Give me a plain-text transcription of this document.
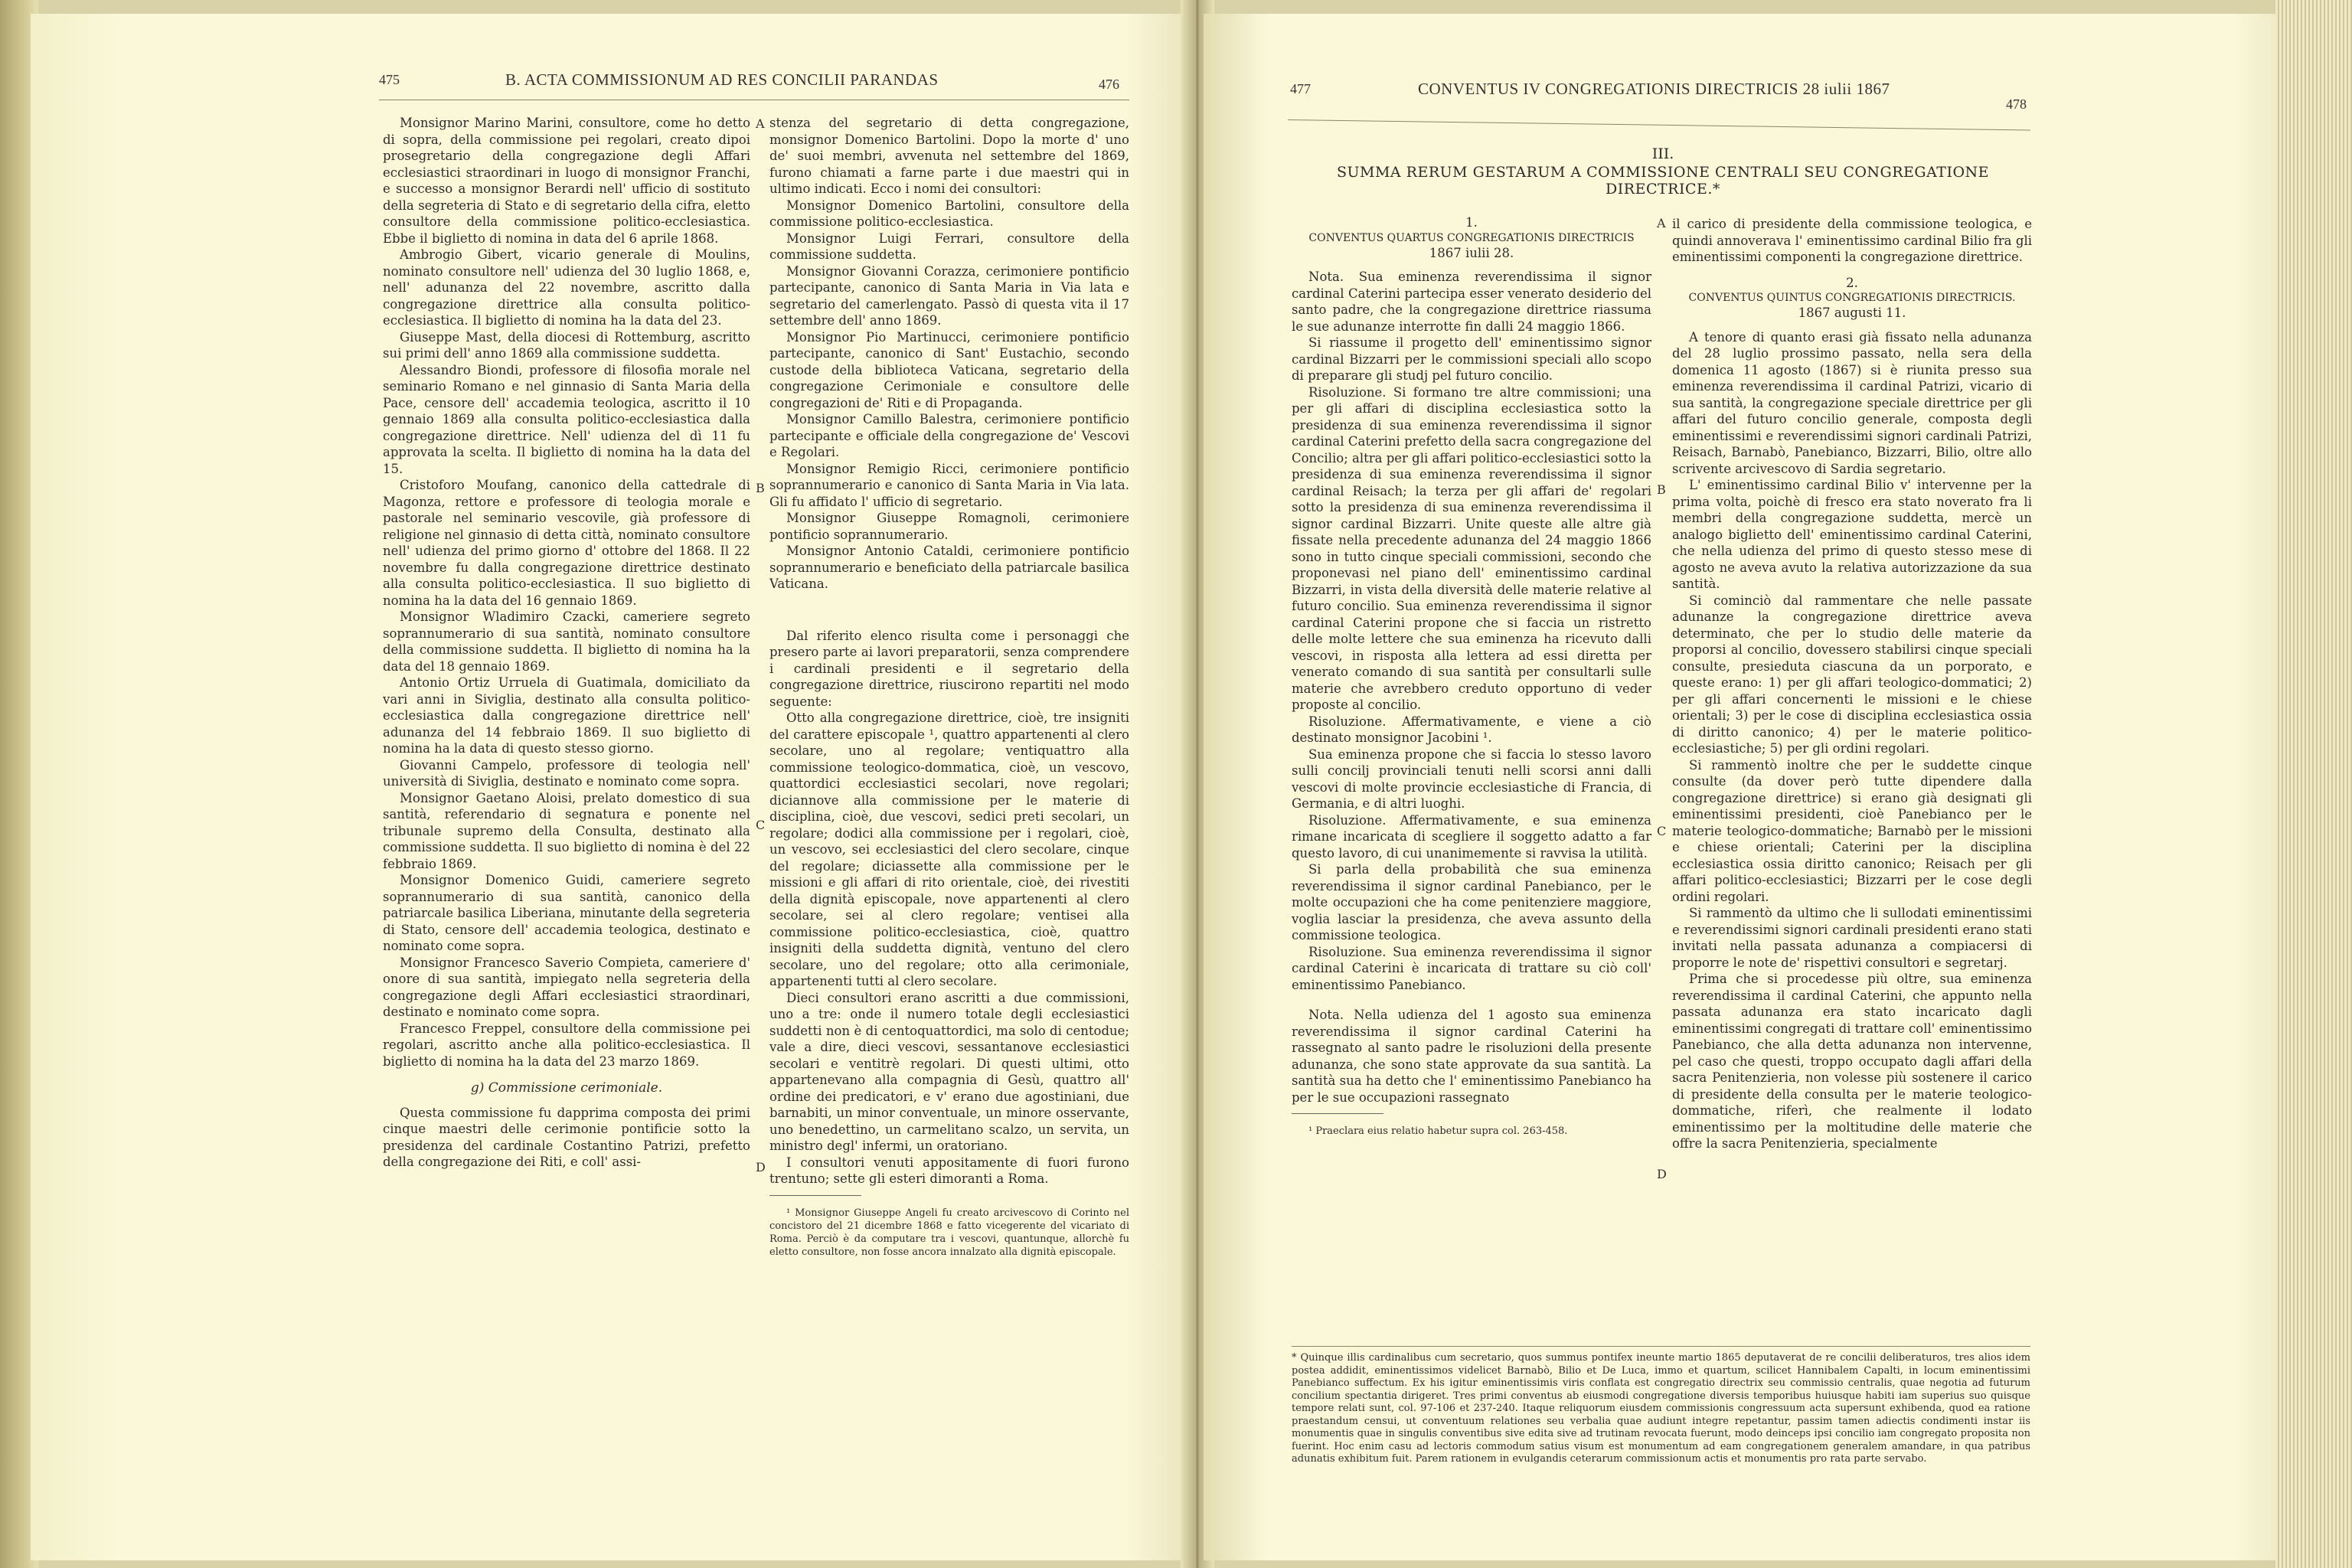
475	B. ACTA COMMISSIONUM AD RES CONCILII PARANDAS	476

Monsignor Marino Marini, consultore, come ho detto di sopra, della commissione pei regolari, creato dipoi prosegretario della congregazione degli Affari ecclesiastici straordinari in luogo di monsignor Franchi, e successo a monsignor Berardi nell' ufficio di sostituto della segreteria di Stato e di segretario della cifra, eletto consultore della commissione politico-ecclesiastica. Ebbe il biglietto di nomina in data del 6 aprile 1868.

Ambrogio Gibert, vicario generale di Moulins, nominato consultore nell' udienza del 30 luglio 1868, e, nell' adunanza del 22 novembre, ascritto dalla congregazione direttrice alla consulta politico-ecclesiastica. Il biglietto di nomina ha la data del 23.

Giuseppe Mast, della diocesi di Rottemburg, ascritto sui primi dell' anno 1869 alla commissione suddetta.

Alessandro Biondi, professore di filosofia morale nel seminario Romano e nel ginnasio di Santa Maria della Pace, censore dell' accademia teologica, ascritto il 10 gennaio 1869 alla consulta politico-ecclesiastica dalla congregazione direttrice. Nell' udienza del dì 11 fu approvata la scelta. Il biglietto di nomina ha la data del 15.

Cristoforo Moufang, canonico della cattedrale di Magonza, rettore e professore di teologia morale e pastorale nel seminario vescovile, già professore di religione nel ginnasio di detta città, nominato consultore nell' udienza del primo giorno d' ottobre del 1868. Il 22 novembre fu dalla congregazione direttrice destinato alla consulta politico-ecclesiastica. Il suo biglietto di nomina ha la data del 16 gennaio 1869.

Monsignor Wladimiro Czacki, cameriere segreto soprannumerario di sua santità, nominato consultore della commissione suddetta. Il biglietto di nomina ha la data del 18 gennaio 1869.

Antonio Ortiz Urruela di Guatimala, domiciliato da vari anni in Siviglia, destinato alla consulta politico-ecclesiastica dalla congregazione direttrice nell' adunanza del 14 febbraio 1869. Il suo biglietto di nomina ha la data di questo stesso giorno.

Giovanni Campelo, professore di teologia nell' università di Siviglia, destinato e nominato come sopra.

Monsignor Gaetano Aloisi, prelato domestico di sua santità, referendario di segnatura e ponente nel tribunale supremo della Consulta, destinato alla commissione suddetta. Il suo biglietto di nomina è del 22 febbraio 1869.

Monsignor Domenico Guidi, cameriere segreto soprannumerario di sua santità, canonico della patriarcale basilica Liberiana, minutante della segreteria di Stato, censore dell' accademia teologica, destinato e nominato come sopra.

Monsignor Francesco Saverio Compieta, cameriere d' onore di sua santità, impiegato nella segreteria della congregazione degli Affari ecclesiastici straordinari, destinato e nominato come sopra.

Francesco Freppel, consultore della commissione pei regolari, ascritto anche alla politico-ecclesiastica. Il biglietto di nomina ha la data del 23 marzo 1869.

g) Commissione cerimoniale.

Questa commissione fu dapprima composta dei primi cinque maestri delle cerimonie pontificie sotto la presidenza del cardinale Costantino Patrizi, prefetto della congregazione dei Riti, e coll' assi-

A
B
C
D

stenza del segretario di detta congregazione, monsignor Domenico Bartolini. Dopo la morte d' uno de' suoi membri, avvenuta nel settembre del 1869, furono chiamati a farne parte i due maestri qui in ultimo indicati. Ecco i nomi dei consultori:

Monsignor Domenico Bartolini, consultore della commissione politico-ecclesiastica.

Monsignor Luigi Ferrari, consultore della commissione suddetta.

Monsignor Giovanni Corazza, cerimoniere pontificio partecipante, canonico di Santa Maria in Via lata e segretario del camerlengato. Passò di questa vita il 17 settembre dell' anno 1869.

Monsignor Pio Martinucci, cerimoniere pontificio partecipante, canonico di Sant' Eustachio, secondo custode della biblioteca Vaticana, segretario della congregazione Cerimoniale e consultore delle congregazioni de' Riti e di Propaganda.

Monsignor Camillo Balestra, cerimoniere pontificio partecipante e officiale della congregazione de' Vescovi e Regolari.

Monsignor Remigio Ricci, cerimoniere pontificio soprannumerario e canonico di Santa Maria in Via lata. Gli fu affidato l' ufficio di segretario.

Monsignor Giuseppe Romagnoli, cerimoniere pontificio soprannumerario.

Monsignor Antonio Cataldi, cerimoniere pontificio soprannumerario e beneficiato della patriarcale basilica Vaticana.

Dal riferito elenco risulta come i personaggi che presero parte ai lavori preparatorii, senza comprendere i cardinali presidenti e il segretario della congregazione direttrice, riuscirono repartiti nel modo seguente:

Otto alla congregazione direttrice, cioè, tre insigniti del carattere episcopale ¹, quattro appartenenti al clero secolare, uno al regolare; ventiquattro alla commissione teologico-dommatica, cioè, un vescovo, quattordici ecclesiastici secolari, nove regolari; diciannove alla commissione per le materie di disciplina, cioè, due vescovi, sedici preti secolari, un regolare; dodici alla commissione per i regolari, cioè, un vescovo, sei ecclesiastici del clero secolare, cinque del regolare; diciassette alla commissione per le missioni e gli affari di rito orientale, cioè, dei rivestiti della dignità episcopale, nove appartenenti al clero secolare, sei al clero regolare; ventisei alla commissione politico-ecclesiastica, cioè, quattro insigniti della suddetta dignità, ventuno del clero secolare, uno del regolare; otto alla cerimoniale, appartenenti tutti al clero secolare.

Dieci consultori erano ascritti a due commissioni, uno a tre: onde il numero totale degli ecclesiastici suddetti non è di centoquattordici, ma solo di centodue; vale a dire, dieci vescovi, sessantanove ecclesiastici secolari e ventitrè regolari. Di questi ultimi, otto appartenevano alla compagnia di Gesù, quattro all' ordine dei predicatori, e v' erano due agostiniani, due barnabiti, un minor conventuale, un minore osservante, uno benedettino, un carmelitano scalzo, un servita, un ministro degl' infermi, un oratoriano.

I consultori venuti appositamente di fuori furono trentuno; sette gli esteri dimoranti a Roma.

¹ Monsignor Giuseppe Angeli fu creato arcivescovo di Corinto nel concistoro del 21 dicembre 1868 e fatto vicegerente del vicariato di Roma. Perciò è da computare tra i vescovi, quantunque, allorchè fu eletto consultore, non fosse ancora innalzato alla dignità episcopale.

477	CONVENTUS IV CONGREGATIONIS DIRECTRICIS 28 iulii 1867
478
III.
SUMMA RERUM GESTARUM A COMMISSIONE CENTRALI SEU CONGREGATIONE DIRECTRICE.*

1.

CONVENTUS QUARTUS CONGREGATIONIS DIRECTRICIS

1867 iulii 28.

Nota. Sua eminenza reverendissima il signor cardinal Caterini partecipa esser venerato desiderio del santo padre, che la congregazione direttrice riassuma le sue adunanze interrotte fin dalli 24 maggio 1866.

Si riassume il progetto dell' eminentissimo signor cardinal Bizzarri per le commissioni speciali allo scopo di preparare gli studj pel futuro concilio.

Risoluzione. Si formano tre altre commissioni; una per gli affari di disciplina ecclesiastica sotto la presidenza di sua eminenza reverendissima il signor cardinal Caterini prefetto della sacra congregazione del Concilio; altra per gli affari politico-ecclesiastici sotto la presidenza di sua eminenza reverendissima il signor cardinal Reisach; la terza per gli affari de' regolari sotto la presidenza di sua eminenza reverendissima il signor cardinal Bizzarri. Unite queste alle altre già fissate nella precedente adunanza del 24 maggio 1866 sono in tutto cinque speciali commissioni, secondo che proponevasi nel piano dell' eminentissimo cardinal Bizzarri, in vista della diversità delle materie relative al futuro concilio. Sua eminenza reverendissima il signor cardinal Caterini propone che si faccia un ristretto delle molte lettere che sua eminenza ha ricevuto dalli vescovi, in risposta alla lettera ad essi diretta per venerato comando di sua santità per consultarli sulle materie che avrebbero creduto opportuno di veder proposte al concilio.

Risoluzione. Affermativamente, e viene a ciò destinato monsignor Jacobini ¹.

Sua eminenza propone che si faccia lo stesso lavoro sulli concilj provinciali tenuti nelli scorsi anni dalli vescovi di molte provincie ecclesiastiche di Francia, di Germania, e di altri luoghi.

Risoluzione. Affermativamente, e sua eminenza rimane incaricata di scegliere il soggetto adatto a far questo lavoro, di cui unanimemente si ravvisa la utilità.

Si parla della probabilità che sua eminenza reverendissima il signor cardinal Panebianco, per le molte occupazioni che ha come penitenziere maggiore, voglia lasciar la presidenza, che aveva assunto della commissione teologica.

Risoluzione. Sua eminenza reverendissima il signor cardinal Caterini è incaricata di trattare su ciò coll' eminentissimo Panebianco.

Nota. Nella udienza del 1 agosto sua eminenza reverendissima il signor cardinal Caterini ha rassegnato al santo padre le risoluzioni della presente adunanza, che sono state approvate da sua santità. La santità sua ha detto che l' eminentissimo Panebianco ha per le sue occupazioni rassegnato

¹ Praeclara eius relatio habetur supra col. 263-458.

A
B
C
D

il carico di presidente della commissione teologica, e quindi annoverava l' eminentissimo cardinal Bilio fra gli eminentissimi componenti la congregazione direttrice.

2.

CONVENTUS QUINTUS CONGREGATIONIS DIRECTRICIS.

1867 augusti 11.

A tenore di quanto erasi già fissato nella adunanza del 28 luglio prossimo passato, nella sera della domenica 11 agosto (1867) si è riunita presso sua eminenza reverendissima il cardinal Patrizi, vicario di sua santità, la congregazione speciale direttrice per gli affari del futuro concilio generale, composta degli eminentissimi e reverendissimi signori cardinali Patrizi, Reisach, Barnabò, Panebianco, Bizzarri, Bilio, oltre allo scrivente arcivescovo di Sardia segretario.

L' eminentissimo cardinal Bilio v' intervenne per la prima volta, poichè di fresco era stato noverato fra li membri della congregazione suddetta, mercè un analogo biglietto dell' eminentissimo cardinal Caterini, che nella udienza del primo di questo stesso mese di agosto ne aveva avuto la relativa autorizzazione da sua santità.

Si cominciò dal rammentare che nelle passate adunanze la congregazione direttrice aveva determinato, che per lo studio delle materie da proporsi al concilio, dovessero stabilirsi cinque speciali consulte, presieduta ciascuna da un porporato, e queste erano: 1) per gli affari teologico-dommatici; 2) per gli affari concernenti le missioni e le chiese orientali; 3) per le cose di disciplina ecclesiastica ossia di diritto canonico; 4) per le materie politico-ecclesiastiche; 5) per gli ordini regolari.

Si rammentò inoltre che per le suddette cinque consulte (da dover però tutte dipendere dalla congregazione direttrice) si erano già designati gli eminentissimi presidenti, cioè Panebianco per le materie teologico-dommatiche; Barnabò per le missioni e chiese orientali; Caterini per la disciplina ecclesiastica ossia diritto canonico; Reisach per gli affari politico-ecclesiastici; Bizzarri per le cose degli ordini regolari.

Si rammentò da ultimo che li sullodati eminentissimi e reverendissimi signori cardinali presidenti erano stati invitati nella passata adunanza a compiacersi di proporre le note de' rispettivi consultori e segretarj.

Prima che si procedesse più oltre, sua eminenza reverendissima il cardinal Caterini, che appunto nella passata adunanza era stato incaricato dagli eminentissimi congregati di trattare coll' eminentissimo Panebianco, che alla detta adunanza non intervenne, pel caso che questi, troppo occupato dagli affari della sacra Penitenzieria, non volesse più sostenere il carico di presidente della consulta per le materie teologico-dommatiche, riferì, che realmente il lodato eminentissimo per la moltitudine delle materie che offre la sacra Penitenzieria, specialmente

* Quinque illis cardinalibus cum secretario, quos summus pontifex ineunte martio 1865 deputaverat de re concilii deliberaturos, tres alios idem postea addidit, eminentissimos videlicet Barnabò, Bilio et De Luca, immo et quartum, scilicet Hannibalem Capalti, in locum eminentissimi Panebianco suffectum. Ex his igitur eminentissimis viris conflata est congregatio directrix seu commissio centralis, quae negotia ad futurum concilium spectantia dirigeret. Tres primi conventus ab eiusmodi congregatione diversis temporibus huiusque habiti iam superius suo quisque tempore relati sunt, col. 97-106 et 237-240. Itaque reliquorum eiusdem commissionis congressuum acta supersunt exhibenda, quod ea ratione praestandum censui, ut conventuum relationes seu verbalia quae audiunt integre repetantur, passim tamen adiectis condimenti instar iis monumentis quae in singulis conventibus sive edita sive ad trutinam revocata fuerunt, modo deinceps ipsi concilio iam congregato proposita non fuerint. Hoc enim casu ad lectoris commodum satius visum est monumentum ad eam congregationem generalem amandare, in qua patribus adunatis exhibitum fuit. Parem rationem in evulgandis ceterarum commissionum actis et monumentis pro rata parte servabo.
